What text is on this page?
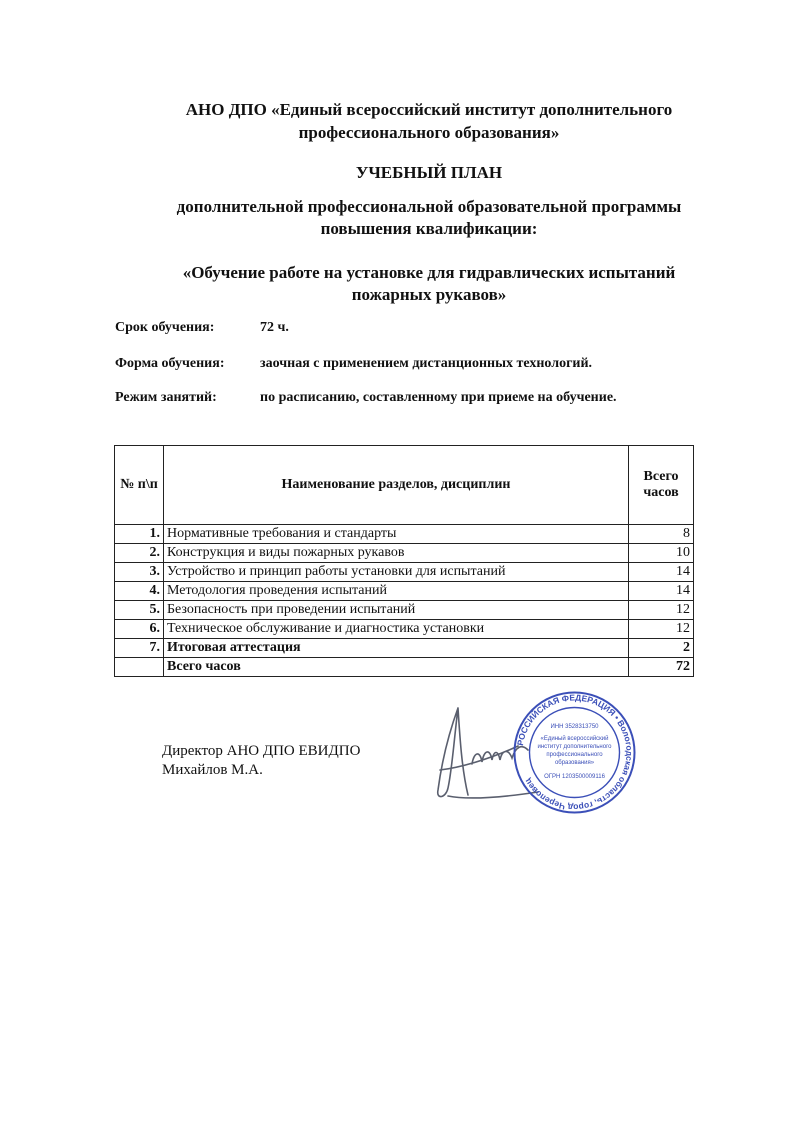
АНО ДПО «Единый всероссийский институт дополнительного
профессионального образования»
УЧЕБНЫЙ ПЛАН
дополнительной профессиональной образовательной программы
повышения квалификации:
«Обучение работе на установке для гидравлических испытаний
пожарных рукавов»
Срок обучения:	72 ч.
Форма обучения:	заочная с применением дистанционных технологий.
Режим занятий:	по расписанию, составленному при приеме на обучение.
№ п\п	Наименование разделов, дисциплин	Всего часов
1.	Нормативные требования и стандарты	8
2.	Конструкция и виды пожарных рукавов	10
3.	Устройство и принцип работы установки для испытаний	14
4.	Методология проведения испытаний	14
5.	Безопасность при проведении испытаний	12
6.	Техническое обслуживание и диагностика установки	12
7.	Итоговая аттестация	2
	Всего часов	72
Директор АНО ДПО ЕВИДПО
Михайлов М.А.
РОССИЙСКАЯ ФЕДЕРАЦИЯ • Вологодская область, город Череповец
ИНН 3528313750
«Единый всероссийский
институт дополнительного
профессионального
образования»
ОГРН 1203500009116
